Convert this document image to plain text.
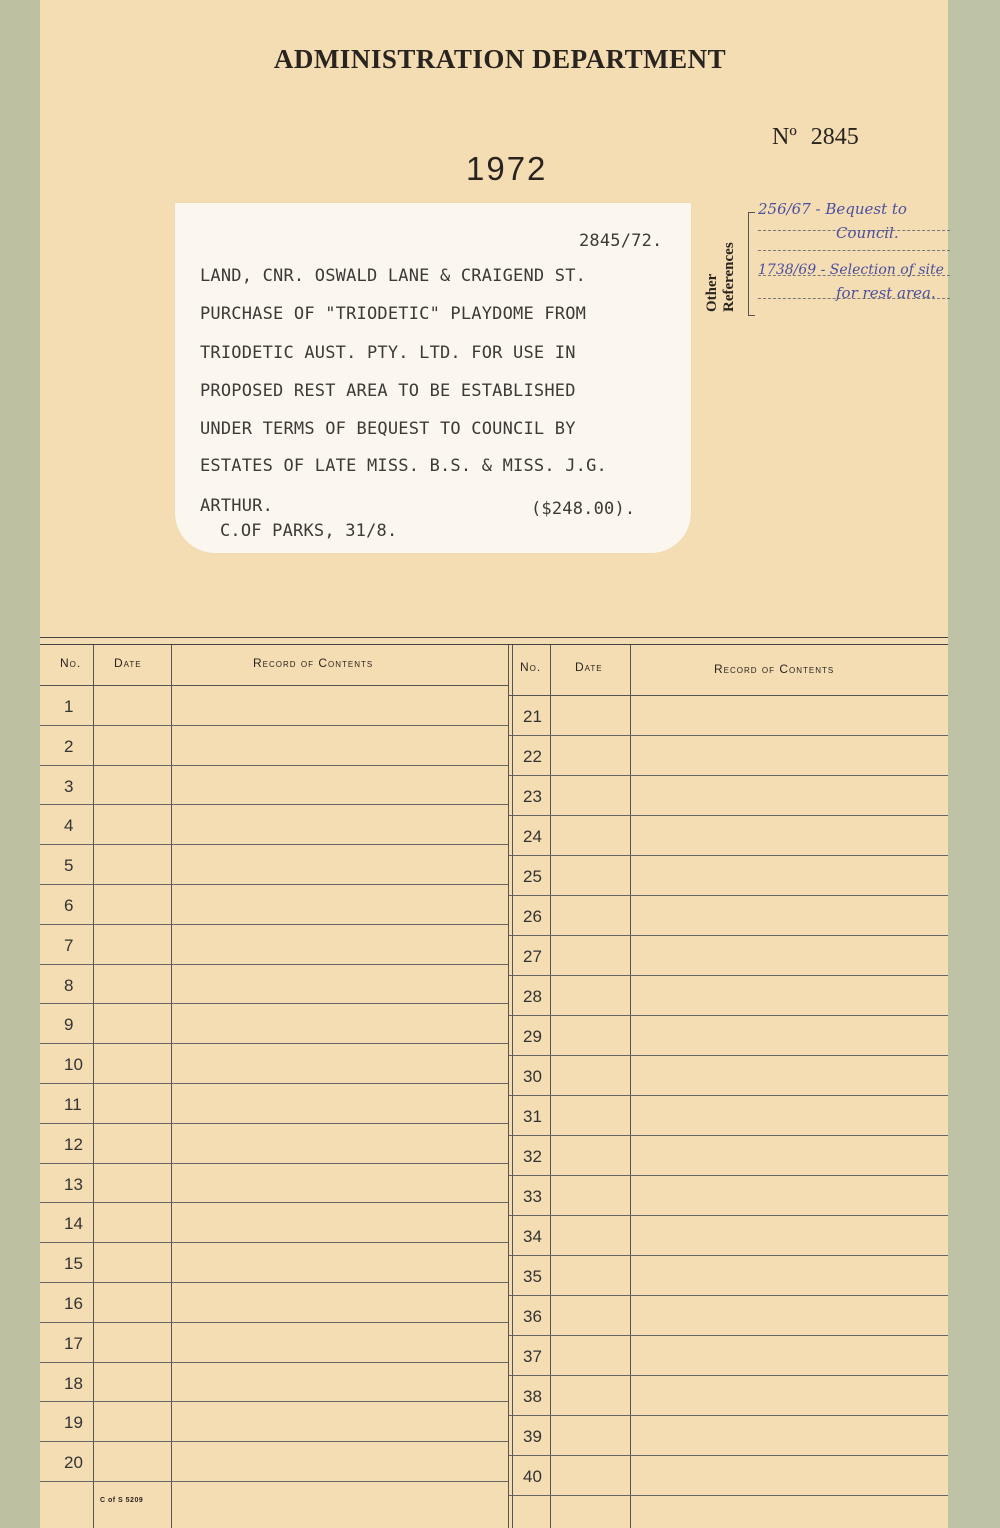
ADMINISTRATION DEPARTMENT
Nº 2845
1972
2845/72.
LAND, CNR. OSWALD LANE & CRAIGEND ST.
PURCHASE OF "TRIODETIC" PLAYDOME FROM
TRIODETIC AUST. PTY. LTD. FOR USE IN
PROPOSED REST AREA TO BE ESTABLISHED
UNDER TERMS OF BEQUEST TO COUNCIL BY
ESTATES OF LATE MISS. B.S. & MISS. J.G.
ARTHUR.	($248.00).
C.OF PARKS, 31/8.
Other References
256/67 - Bequest to
Council.
1738/69 - Selection of site
for rest area.
No.	Date	Record of Contents
1
2
3
4
5
6
7
8
9
10
11
12
13
14
15
16
17
18
19
20
No.	Date	Record of Contents
21
22
23
24
25
26
27
28
29
30
31
32
33
34
35
36
37
38
39
40
C of S 5209
